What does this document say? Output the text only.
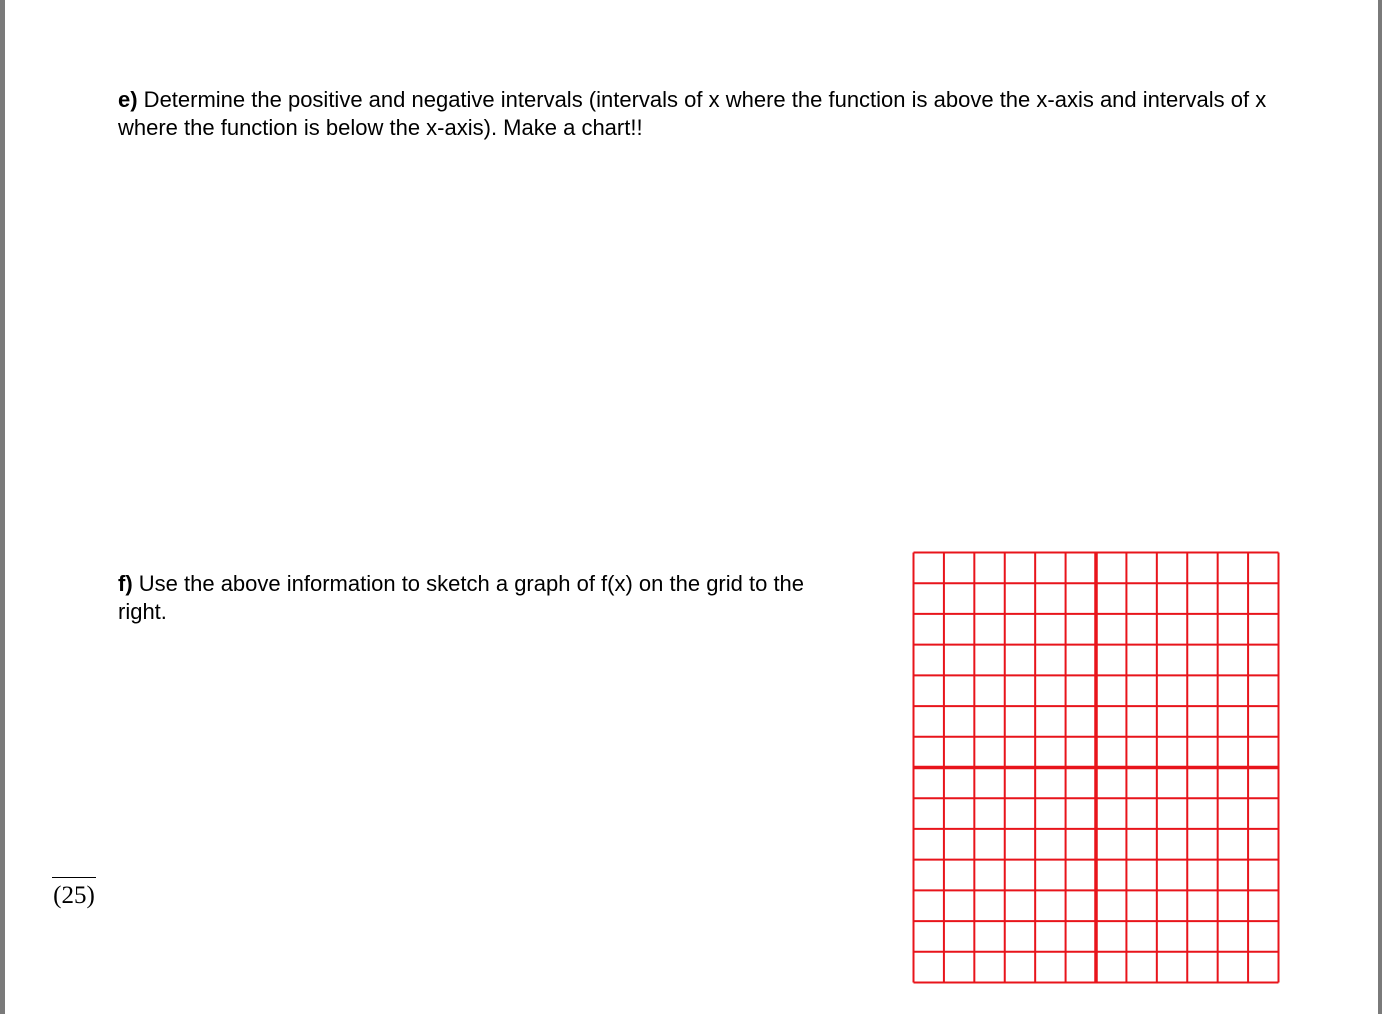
e) Determine the positive and negative intervals (intervals of x where the function is above the x-axis and intervals of x where the function is below the x-axis). Make a chart!!

f) Use the above information to sketch a graph of f(x) on the grid to the right.

(25)
